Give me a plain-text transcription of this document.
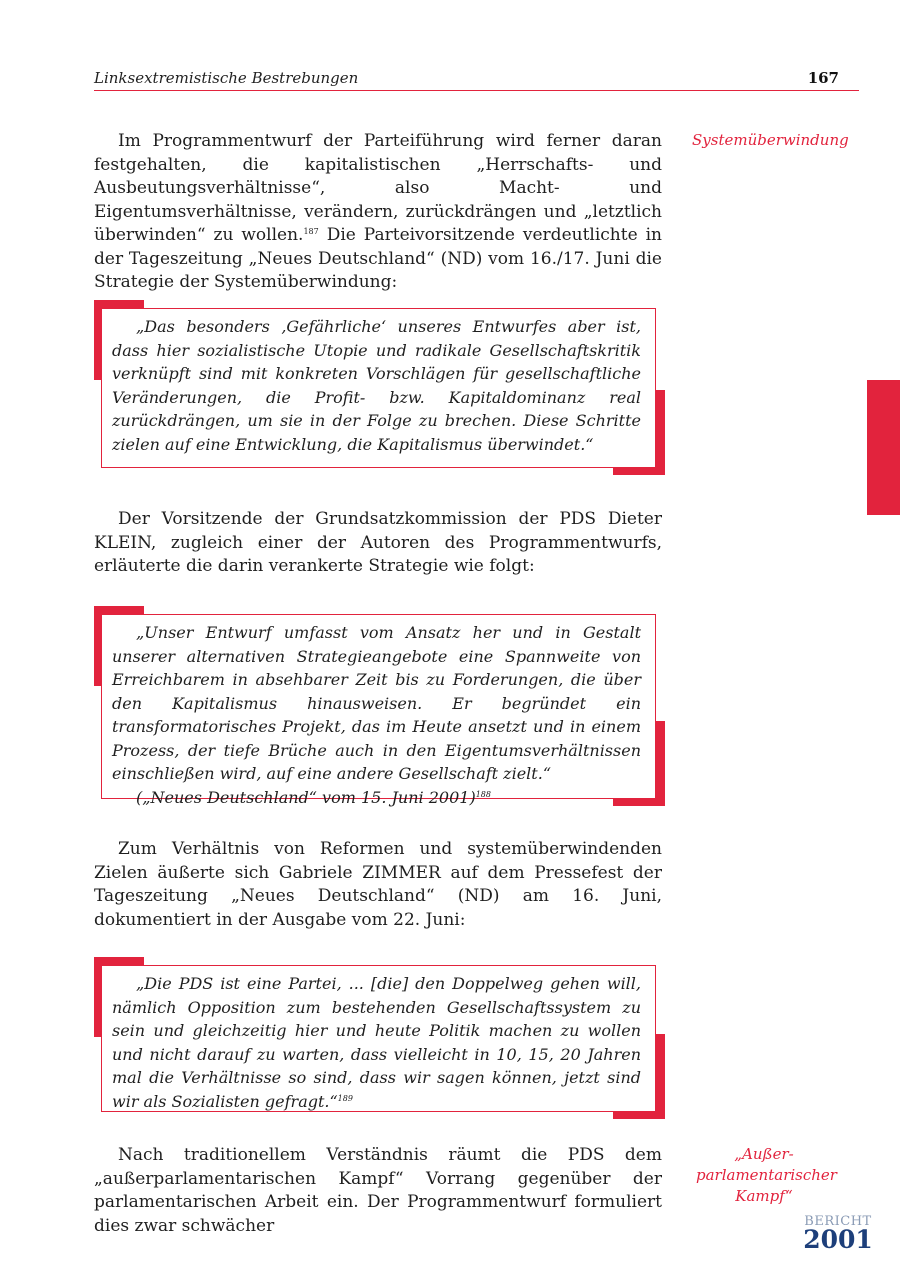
Linksextremistische Bestrebungen	167
Systemüberwindung

Im Programmentwurf der Parteiführung wird ferner daran festgehalten, die kapitalistischen „Herrschafts- und Ausbeutungsverhältnisse“, also Macht- und Eigentumsverhältnisse, verändern, zurückdrängen und „letztlich überwinden“ zu wollen.$^{187}$ Die Parteivorsitzende verdeutlichte in der Tageszeitung „Neues Deutschland“ (ND) vom 16./17. Juni die Strategie der Systemüberwindung:

„Das besonders ‚Gefährliche‘ unseres Entwurfes aber ist, dass hier sozialistische Utopie und radikale Gesellschaftskritik verknüpft sind mit konkreten Vorschlägen für gesellschaftliche Veränderungen, die Profit- bzw. Kapitaldominanz real zurückdrängen, um sie in der Folge zu brechen. Diese Schritte zielen auf eine Entwicklung, die Kapitalismus überwindet.“

Der Vorsitzende der Grundsatzkommission der PDS Dieter KLEIN, zugleich einer der Autoren des Programmentwurfs, erläuterte die darin verankerte Strategie wie folgt:

„Unser Entwurf umfasst vom Ansatz her und in Gestalt unserer alternativen Strategieangebote eine Spannweite von Erreichbarem in absehbarer Zeit bis zu Forderungen, die über den Kapitalismus hinausweisen. Er begründet ein transformatorisches Projekt, das im Heute ansetzt und in einem Prozess, der tiefe Brüche auch in den Eigentumsverhältnissen einschließen wird, auf eine andere Gesellschaft zielt.“

(„Neues Deutschland“ vom 15. Juni 2001)$^{188}$

Zum Verhältnis von Reformen und systemüberwindenden Zielen äußerte sich Gabriele ZIMMER auf dem Pressefest der Tageszeitung „Neues Deutschland“ (ND) am 16. Juni, dokumentiert in der Ausgabe vom 22. Juni:

„Die PDS ist eine Partei, ... [die] den Doppelweg gehen will, nämlich Opposition zum bestehenden Gesellschaftssystem zu sein und gleichzeitig hier und heute Politik machen zu wollen und nicht darauf zu warten, dass vielleicht in 10, 15, 20 Jahren mal die Verhältnisse so sind, dass wir sagen können, jetzt sind wir als Sozialisten gefragt.“$^{189}$

Nach traditionellem Verständnis räumt die PDS dem „außerparlamentarischen Kampf“ Vorrang gegenüber der parlamentarischen Arbeit ein. Der Programmentwurf formuliert dies zwar schwächer

„Außer-
parlamentarischer
Kampf“
BERICHT
2001
